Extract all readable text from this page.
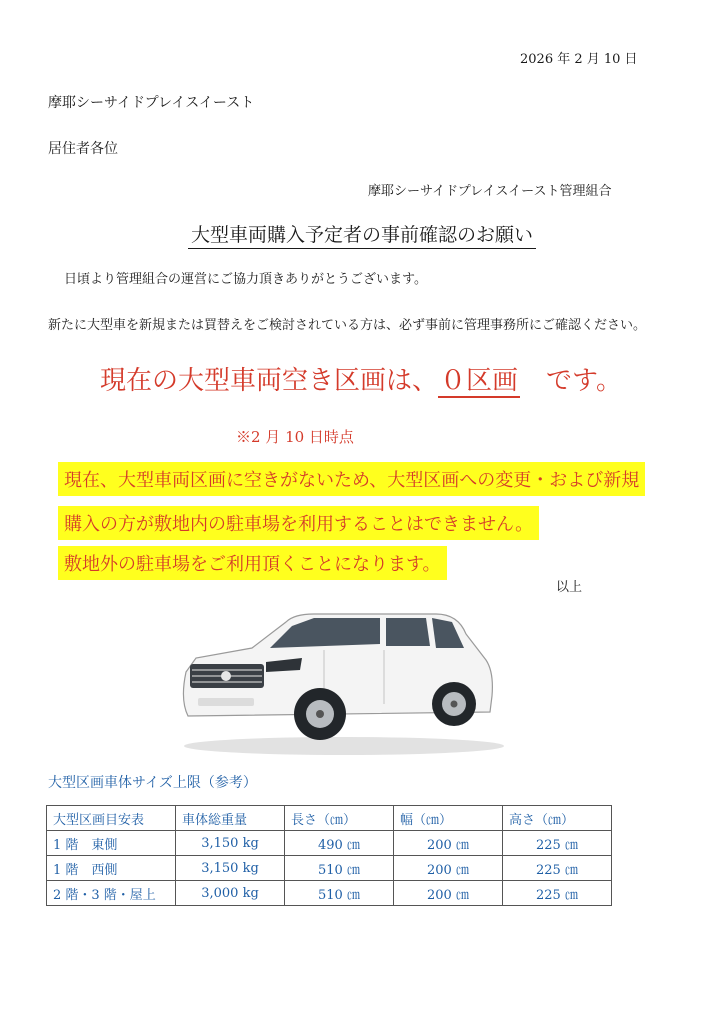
2026 年 2 月 10 日
摩耶シーサイドプレイスイースト
居住者各位
摩耶シーサイドプレイスイースト管理組合
大型車両購入予定者の事前確認のお願い
日頃より管理組合の運営にご協力頂きありがとうございます。
新たに大型車を新規または買替えをご検討されている方は、必ず事前に管理事務所にご確認ください。
現在の大型車両空き区画は、０区画　です。
※2 月 10 日時点
現在、大型車両区画に空きがないため、大型区画への変更・および新規
購入の方が敷地内の駐車場を利用することはできません。
敷地外の駐車場をご利用頂くことになります。
以上
大型区画車体サイズ上限（参考）
大型区画目安表	車体総重量	長さ（㎝）	幅（㎝）	高さ（㎝）
1 階　東側	3,150 kg	490 ㎝	200 ㎝	225 ㎝
1 階　西側	3,150 kg	510 ㎝	200 ㎝	225 ㎝
2 階・3 階・屋上	3,000 kg	510 ㎝	200 ㎝	225 ㎝
